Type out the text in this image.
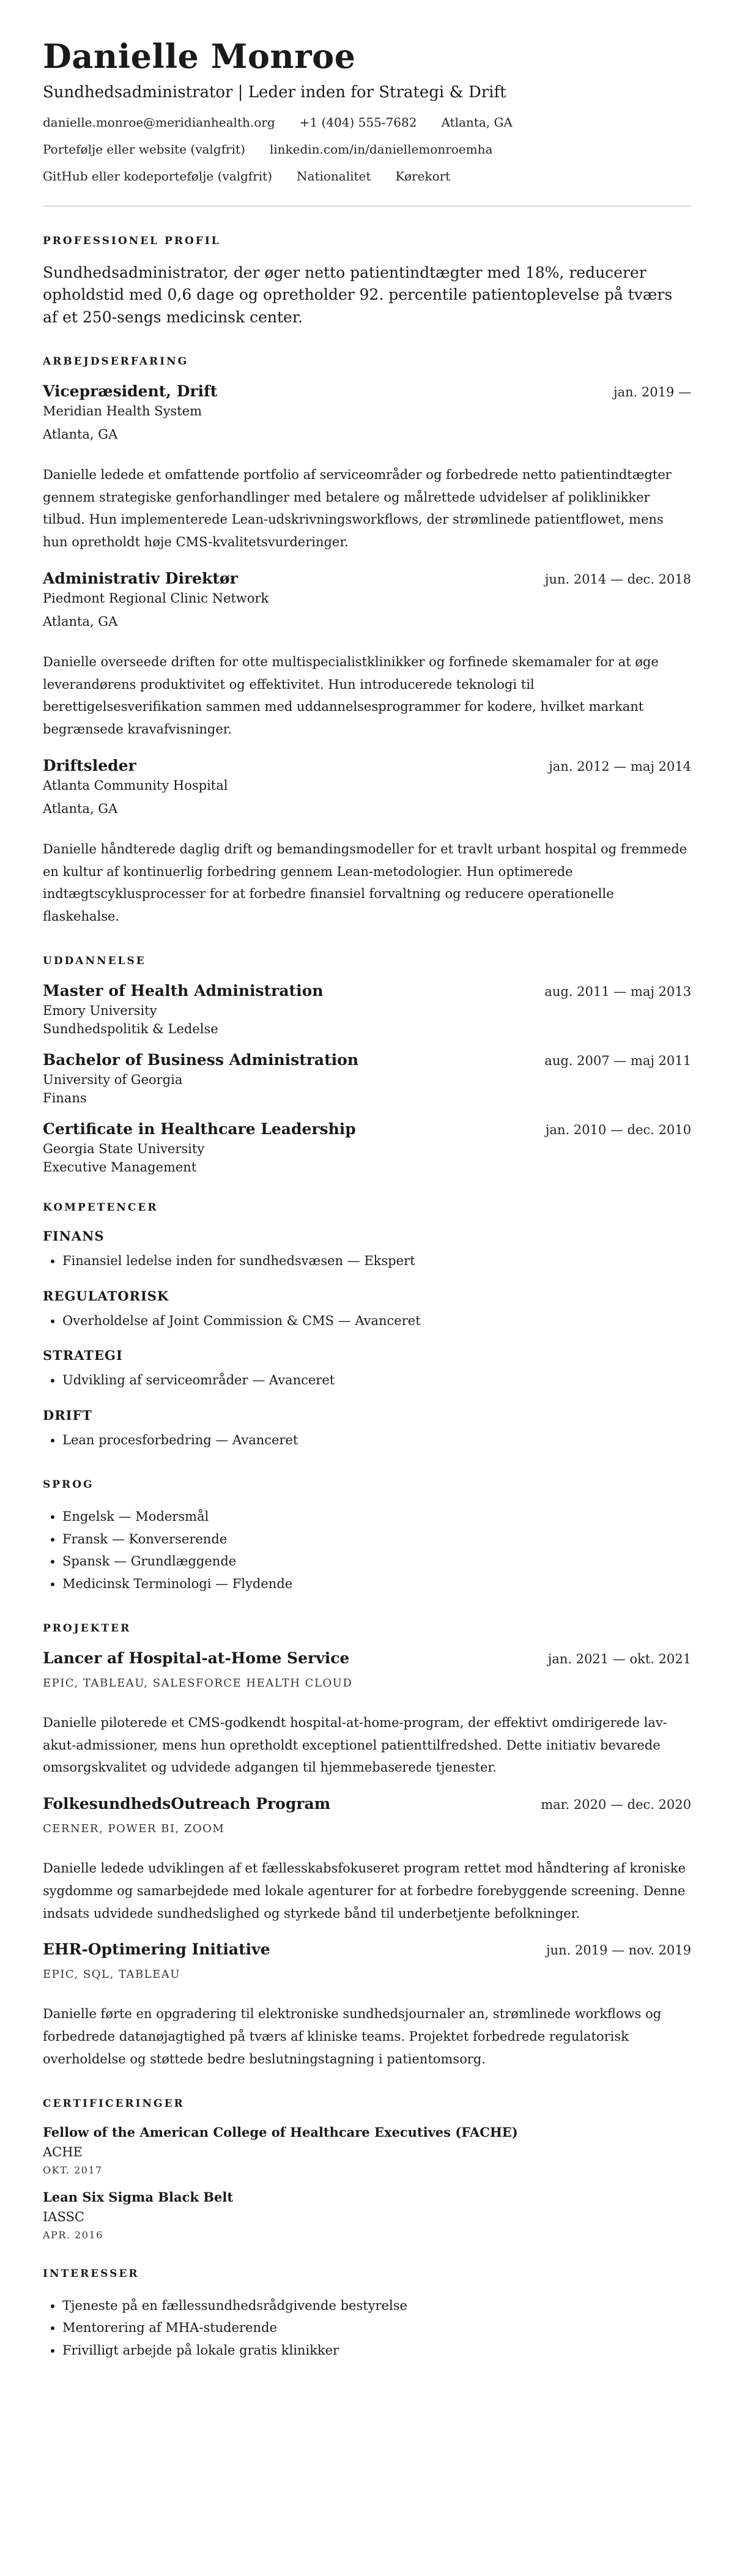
Danielle Monroe
Sundhedsadministrator | Leder inden for Strategi & Drift
danielle.monroe@meridianhealth.org +1 (404) 555-7682 Atlanta, GA
Portefølje eller website (valgfrit) linkedin.com/in/daniellemonroemha
GitHub eller kodeportefølje (valgfrit) Nationalitet Kørekort
PROFESSIONEL PROFIL

Sundhedsadministrator, der øger netto patientindtægter med 18%, reducerer opholdstid med 0,6 dage og opretholder 92. percentile patientoplevelse på tværs af et 250-sengs medicinsk center.

ARBEJDSERFARING
Vicepræsident, Drift	jan. 2019 —
Meridian Health System
Atlanta, GA

Danielle ledede et omfattende portfolio af serviceområder og forbedrede netto patientindtægter gennem strategiske genforhandlinger med betalere og målrettede udvidelser af poliklinikker tilbud. Hun implementerede Lean-udskrivningsworkflows, der strømlinede patientflowet, mens hun opretholdt høje CMS-kvalitetsvurderinger.

Administrativ Direktør	jun. 2014 — dec. 2018
Piedmont Regional Clinic Network
Atlanta, GA

Danielle overseede driften for otte multispecialistklinikker og forfinede skemamaler for at øge leverandørens produktivitet og effektivitet. Hun introducerede teknologi til berettigelsesverifikation sammen med uddannelsesprogrammer for kodere, hvilket markant begrænsede kravafvisninger.

Driftsleder	jan. 2012 — maj 2014
Atlanta Community Hospital
Atlanta, GA

Danielle håndterede daglig drift og bemandingsmodeller for et travlt urbant hospital og fremmede en kultur af kontinuerlig forbedring gennem Lean-metodologier. Hun optimerede indtægtscyklusprocesser for at forbedre finansiel forvaltning og reducere operationelle flaskehalse.

UDDANNELSE
Master of Health Administration	aug. 2011 — maj 2013
Emory University
Sundhedspolitik & Ledelse
Bachelor of Business Administration	aug. 2007 — maj 2011
University of Georgia
Finans
Certificate in Healthcare Leadership	jan. 2010 — dec. 2010
Georgia State University
Executive Management
KOMPETENCER
FINANS
• Finansiel ledelse inden for sundhedsvæsen — Ekspert
REGULATORISK
• Overholdelse af Joint Commission & CMS — Avanceret
STRATEGI
• Udvikling af serviceområder — Avanceret
DRIFT
• Lean procesforbedring — Avanceret
SPROG
• Engelsk — Modersmål
• Fransk — Konverserende
• Spansk — Grundlæggende
• Medicinsk Terminologi — Flydende
PROJEKTER
Lancer af Hospital-at-Home Service	jan. 2021 — okt. 2021
EPIC, TABLEAU, SALESFORCE HEALTH CLOUD

Danielle piloterede et CMS-godkendt hospital-at-home-program, der effektivt omdirigerede lav-akut-admissioner, mens hun opretholdt exceptionel patienttilfredshed. Dette initiativ bevarede omsorgskvalitet og udvidede adgangen til hjemmebaserede tjenester.

FolkesundhedsOutreach Program	mar. 2020 — dec. 2020
CERNER, POWER BI, ZOOM

Danielle ledede udviklingen af et fællesskabsfokuseret program rettet mod håndtering af kroniske sygdomme og samarbejdede med lokale agenturer for at forbedre forebyggende screening. Denne indsats udvidede sundhedslighed og styrkede bånd til underbetjente befolkninger.

EHR-Optimering Initiative	jun. 2019 — nov. 2019
EPIC, SQL, TABLEAU

Danielle førte en opgradering til elektroniske sundhedsjournaler an, strømlinede workflows og forbedrede datanøjagtighed på tværs af kliniske teams. Projektet forbedrede regulatorisk overholdelse og støttede bedre beslutningstagning i patientomsorg.

CERTIFICERINGER
Fellow of the American College of Healthcare Executives (FACHE)
ACHE
OKT. 2017
Lean Six Sigma Black Belt
IASSC
APR. 2016
INTERESSER
• Tjeneste på en fællessundhedsrådgivende bestyrelse
• Mentorering af MHA-studerende
• Frivilligt arbejde på lokale gratis klinikker
